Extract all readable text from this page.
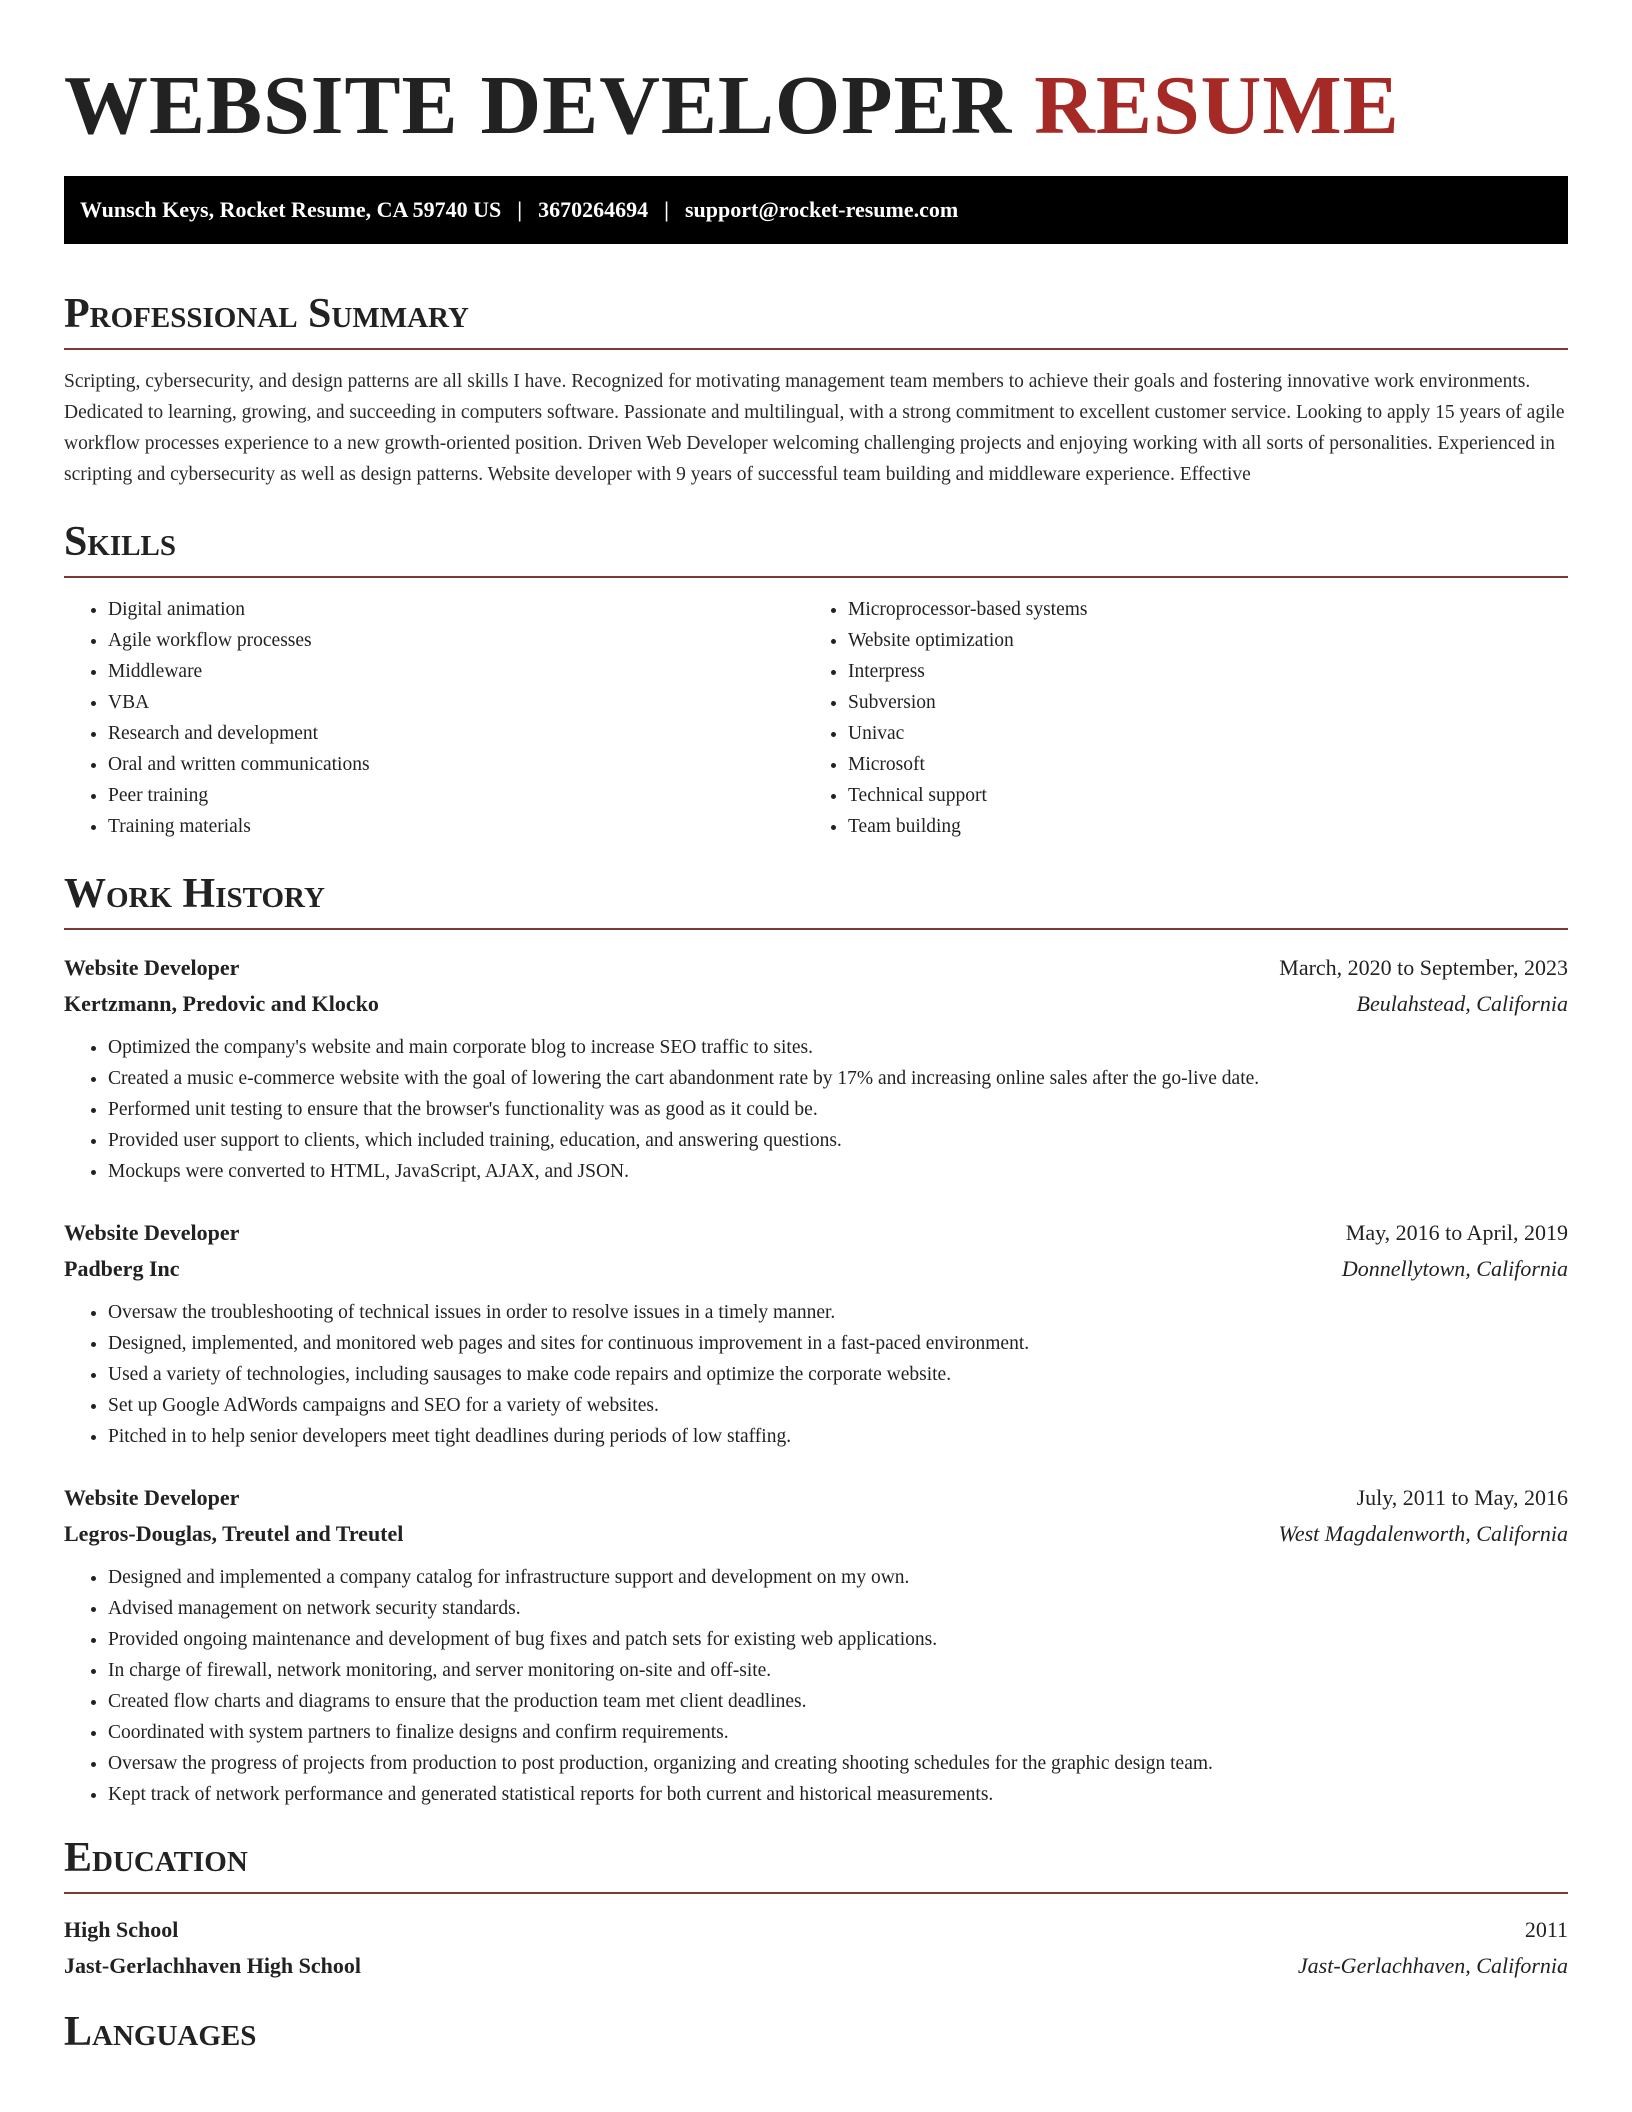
WEBSITE DEVELOPER RESUME
Wunsch Keys, Rocket Resume, CA 59740 US | 3670264694 | support@rocket-resume.com
Professional Summary

Scripting, cybersecurity, and design patterns are all skills I have. Recognized for motivating management team members to achieve their goals and fostering innovative work environments. Dedicated to learning, growing, and succeeding in computers software. Passionate and multilingual, with a strong commitment to excellent customer service. Looking to apply 15 years of agile workflow processes experience to a new growth-oriented position. Driven Web Developer welcoming challenging projects and enjoying working with all sorts of personalities. Experienced in scripting and cybersecurity as well as design patterns. Website developer with 9 years of successful team building and middleware experience. Effective

Skills
• Digital animation
• Agile workflow processes
• Middleware
• VBA
• Research and development
• Oral and written communications
• Peer training
• Training materials
• Microprocessor-based systems
• Website optimization
• Interpress
• Subversion
• Univac
• Microsoft
• Technical support
• Team building
Work History
Website Developer	March, 2020 to September, 2023
Kertzmann, Predovic and Klocko	Beulahstead, California
• Optimized the company's website and main corporate blog to increase SEO traffic to sites.
• Created a music e-commerce website with the goal of lowering the cart abandonment rate by 17% and increasing online sales after the go-live date.
• Performed unit testing to ensure that the browser's functionality was as good as it could be.
• Provided user support to clients, which included training, education, and answering questions.
• Mockups were converted to HTML, JavaScript, AJAX, and JSON.
Website Developer	May, 2016 to April, 2019
Padberg Inc	Donnellytown, California
• Oversaw the troubleshooting of technical issues in order to resolve issues in a timely manner.
• Designed, implemented, and monitored web pages and sites for continuous improvement in a fast-paced environment.
• Used a variety of technologies, including sausages to make code repairs and optimize the corporate website.
• Set up Google AdWords campaigns and SEO for a variety of websites.
• Pitched in to help senior developers meet tight deadlines during periods of low staffing.
Website Developer	July, 2011 to May, 2016
Legros-Douglas, Treutel and Treutel	West Magdalenworth, California
• Designed and implemented a company catalog for infrastructure support and development on my own.
• Advised management on network security standards.
• Provided ongoing maintenance and development of bug fixes and patch sets for existing web applications.
• In charge of firewall, network monitoring, and server monitoring on-site and off-site.
• Created flow charts and diagrams to ensure that the production team met client deadlines.
• Coordinated with system partners to finalize designs and confirm requirements.
• Oversaw the progress of projects from production to post production, organizing and creating shooting schedules for the graphic design team.
• Kept track of network performance and generated statistical reports for both current and historical measurements.
Education
High School	2011
Jast-Gerlachhaven High School	Jast-Gerlachhaven, California
Languages
